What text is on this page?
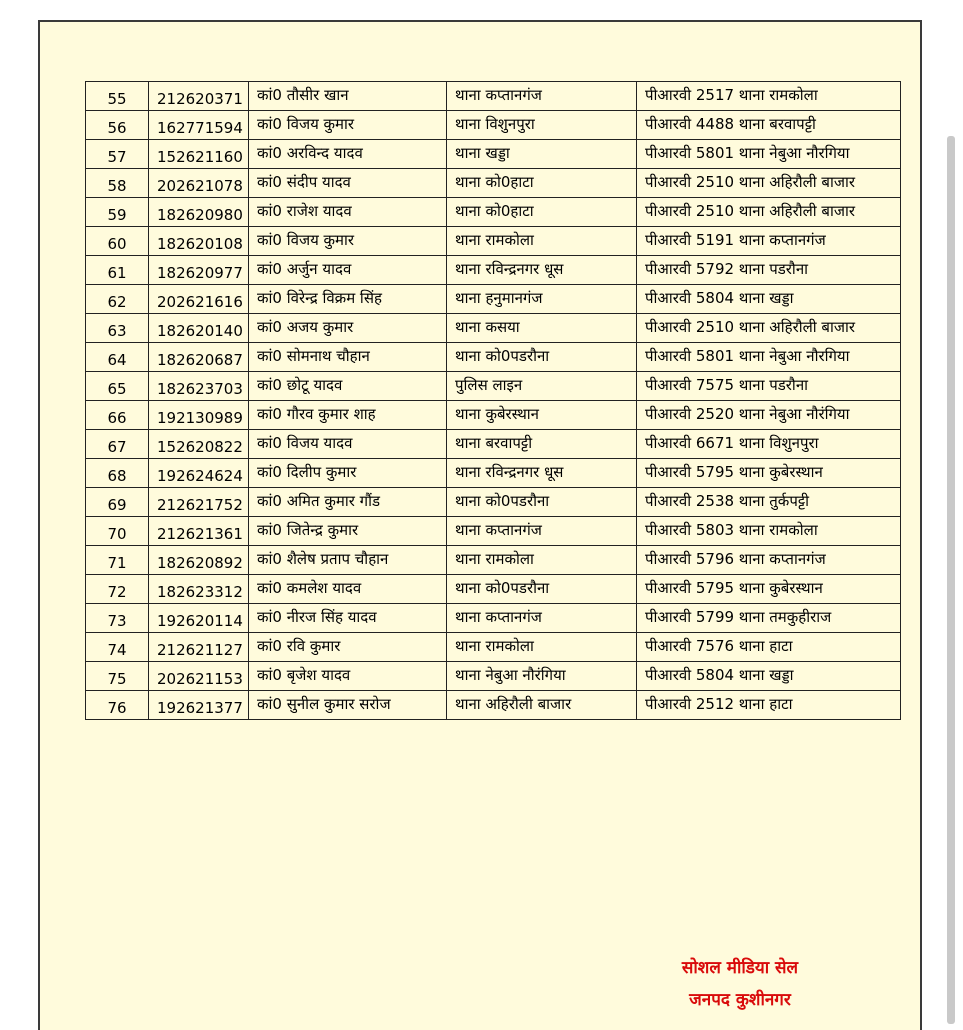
55	212620371	कां0 तौसीर खान	थाना कप्तानगंज	पीआरवी 2517 थाना रामकोला
56	162771594	कां0 विजय कुमार	थाना विशुनपुरा	पीआरवी 4488 थाना बरवापट्टी
57	152621160	कां0 अरविन्द यादव	थाना खड्डा	पीआरवी 5801 थाना नेबुआ नौरगिया
58	202621078	कां0 संदीप यादव	थाना को0हाटा	पीआरवी 2510 थाना अहिरौली बाजार
59	182620980	कां0 राजेश यादव	थाना को0हाटा	पीआरवी 2510 थाना अहिरौली बाजार
60	182620108	कां0 विजय कुमार	थाना रामकोला	पीआरवी 5191 थाना कप्तानगंज
61	182620977	कां0 अर्जुन यादव	थाना रविन्द्रनगर धूस	पीआरवी 5792 थाना पडरौना
62	202621616	कां0 विरेन्द्र विक्रम सिंह	थाना हनुमानगंज	पीआरवी 5804 थाना खड्डा
63	182620140	कां0 अजय कुमार	थाना कसया	पीआरवी 2510 थाना अहिरौली बाजार
64	182620687	कां0 सोमनाथ चौहान	थाना को0पडरौना	पीआरवी 5801 थाना नेबुआ नौरगिया
65	182623703	कां0 छोटू यादव	पुलिस लाइन	पीआरवी 7575 थाना पडरौना
66	192130989	कां0 गौरव कुमार शाह	थाना कुबेरस्थान	पीआरवी 2520 थाना नेबुआ नौरंगिया
67	152620822	कां0 विजय यादव	थाना बरवापट्टी	पीआरवी 6671 थाना विशुनपुरा
68	192624624	कां0 दिलीप कुमार	थाना रविन्द्रनगर धूस	पीआरवी 5795 थाना कुबेरस्थान
69	212621752	कां0 अमित कुमार गौंड	थाना को0पडरौना	पीआरवी 2538 थाना तुर्कपट्टी
70	212621361	कां0 जितेन्द्र कुमार	थाना कप्तानगंज	पीआरवी 5803 थाना रामकोला
71	182620892	कां0 शैलेष प्रताप चौहान	थाना रामकोला	पीआरवी 5796 थाना कप्तानगंज
72	182623312	कां0 कमलेश यादव	थाना को0पडरौना	पीआरवी 5795 थाना कुबेरस्थान
73	192620114	कां0 नीरज सिंह यादव	थाना कप्तानगंज	पीआरवी 5799 थाना तमकुहीराज
74	212621127	कां0 रवि कुमार	थाना रामकोला	पीआरवी 7576 थाना हाटा
75	202621153	कां0 बृजेश यादव	थाना नेबुआ नौरंगिया	पीआरवी 5804 थाना खड्डा
76	192621377	कां0 सुनील कुमार सरोज	थाना अहिरौली बाजार	पीआरवी 2512 थाना हाटा
सोशल मीडिया सेल
जनपद कुशीनगर
